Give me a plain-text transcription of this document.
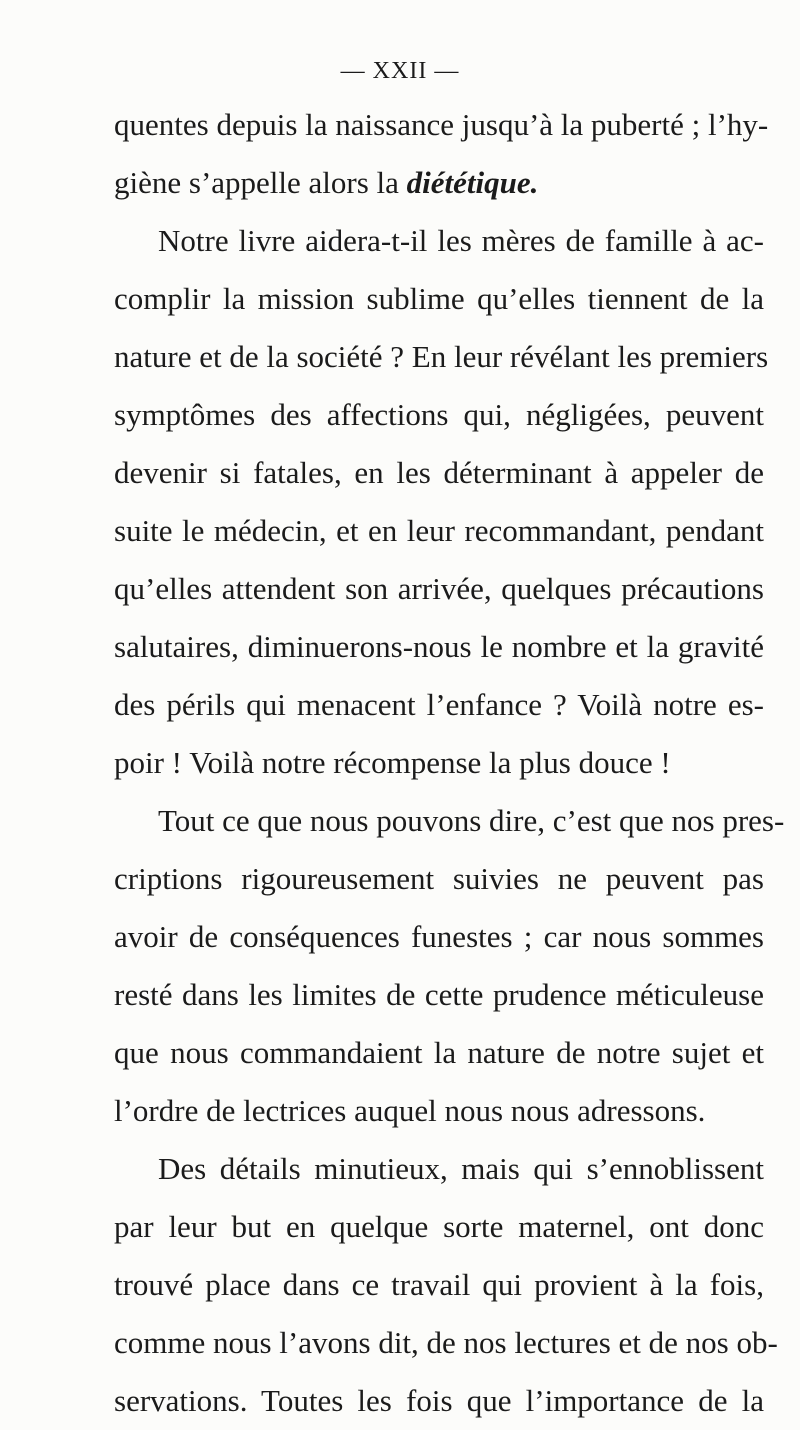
— XXII —
quentes depuis la naissance jusqu’à la puberté ; l’hy-
giène s’appelle alors la diététique.
Notre livre aidera-t-il les mères de famille à ac-
complir la mission sublime qu’elles tiennent de la
nature et de la société ? En leur révélant les premiers
symptômes des affections qui, négligées, peuvent
devenir si fatales, en les déterminant à appeler de
suite le médecin, et en leur recommandant, pendant
qu’elles attendent son arrivée, quelques précautions
salutaires, diminuerons-nous le nombre et la gravité
des périls qui menacent l’enfance ? Voilà notre es-
poir ! Voilà notre récompense la plus douce !
Tout ce que nous pouvons dire, c’est que nos pres-
criptions rigoureusement suivies ne peuvent pas
avoir de conséquences funestes ; car nous sommes
resté dans les limites de cette prudence méticuleuse
que nous commandaient la nature de notre sujet et
l’ordre de lectrices auquel nous nous adressons.
Des détails minutieux, mais qui s’ennoblissent
par leur but en quelque sorte maternel, ont donc
trouvé place dans ce travail qui provient à la fois,
comme nous l’avons dit, de nos lectures et de nos ob-
servations. Toutes les fois que l’importance de la
